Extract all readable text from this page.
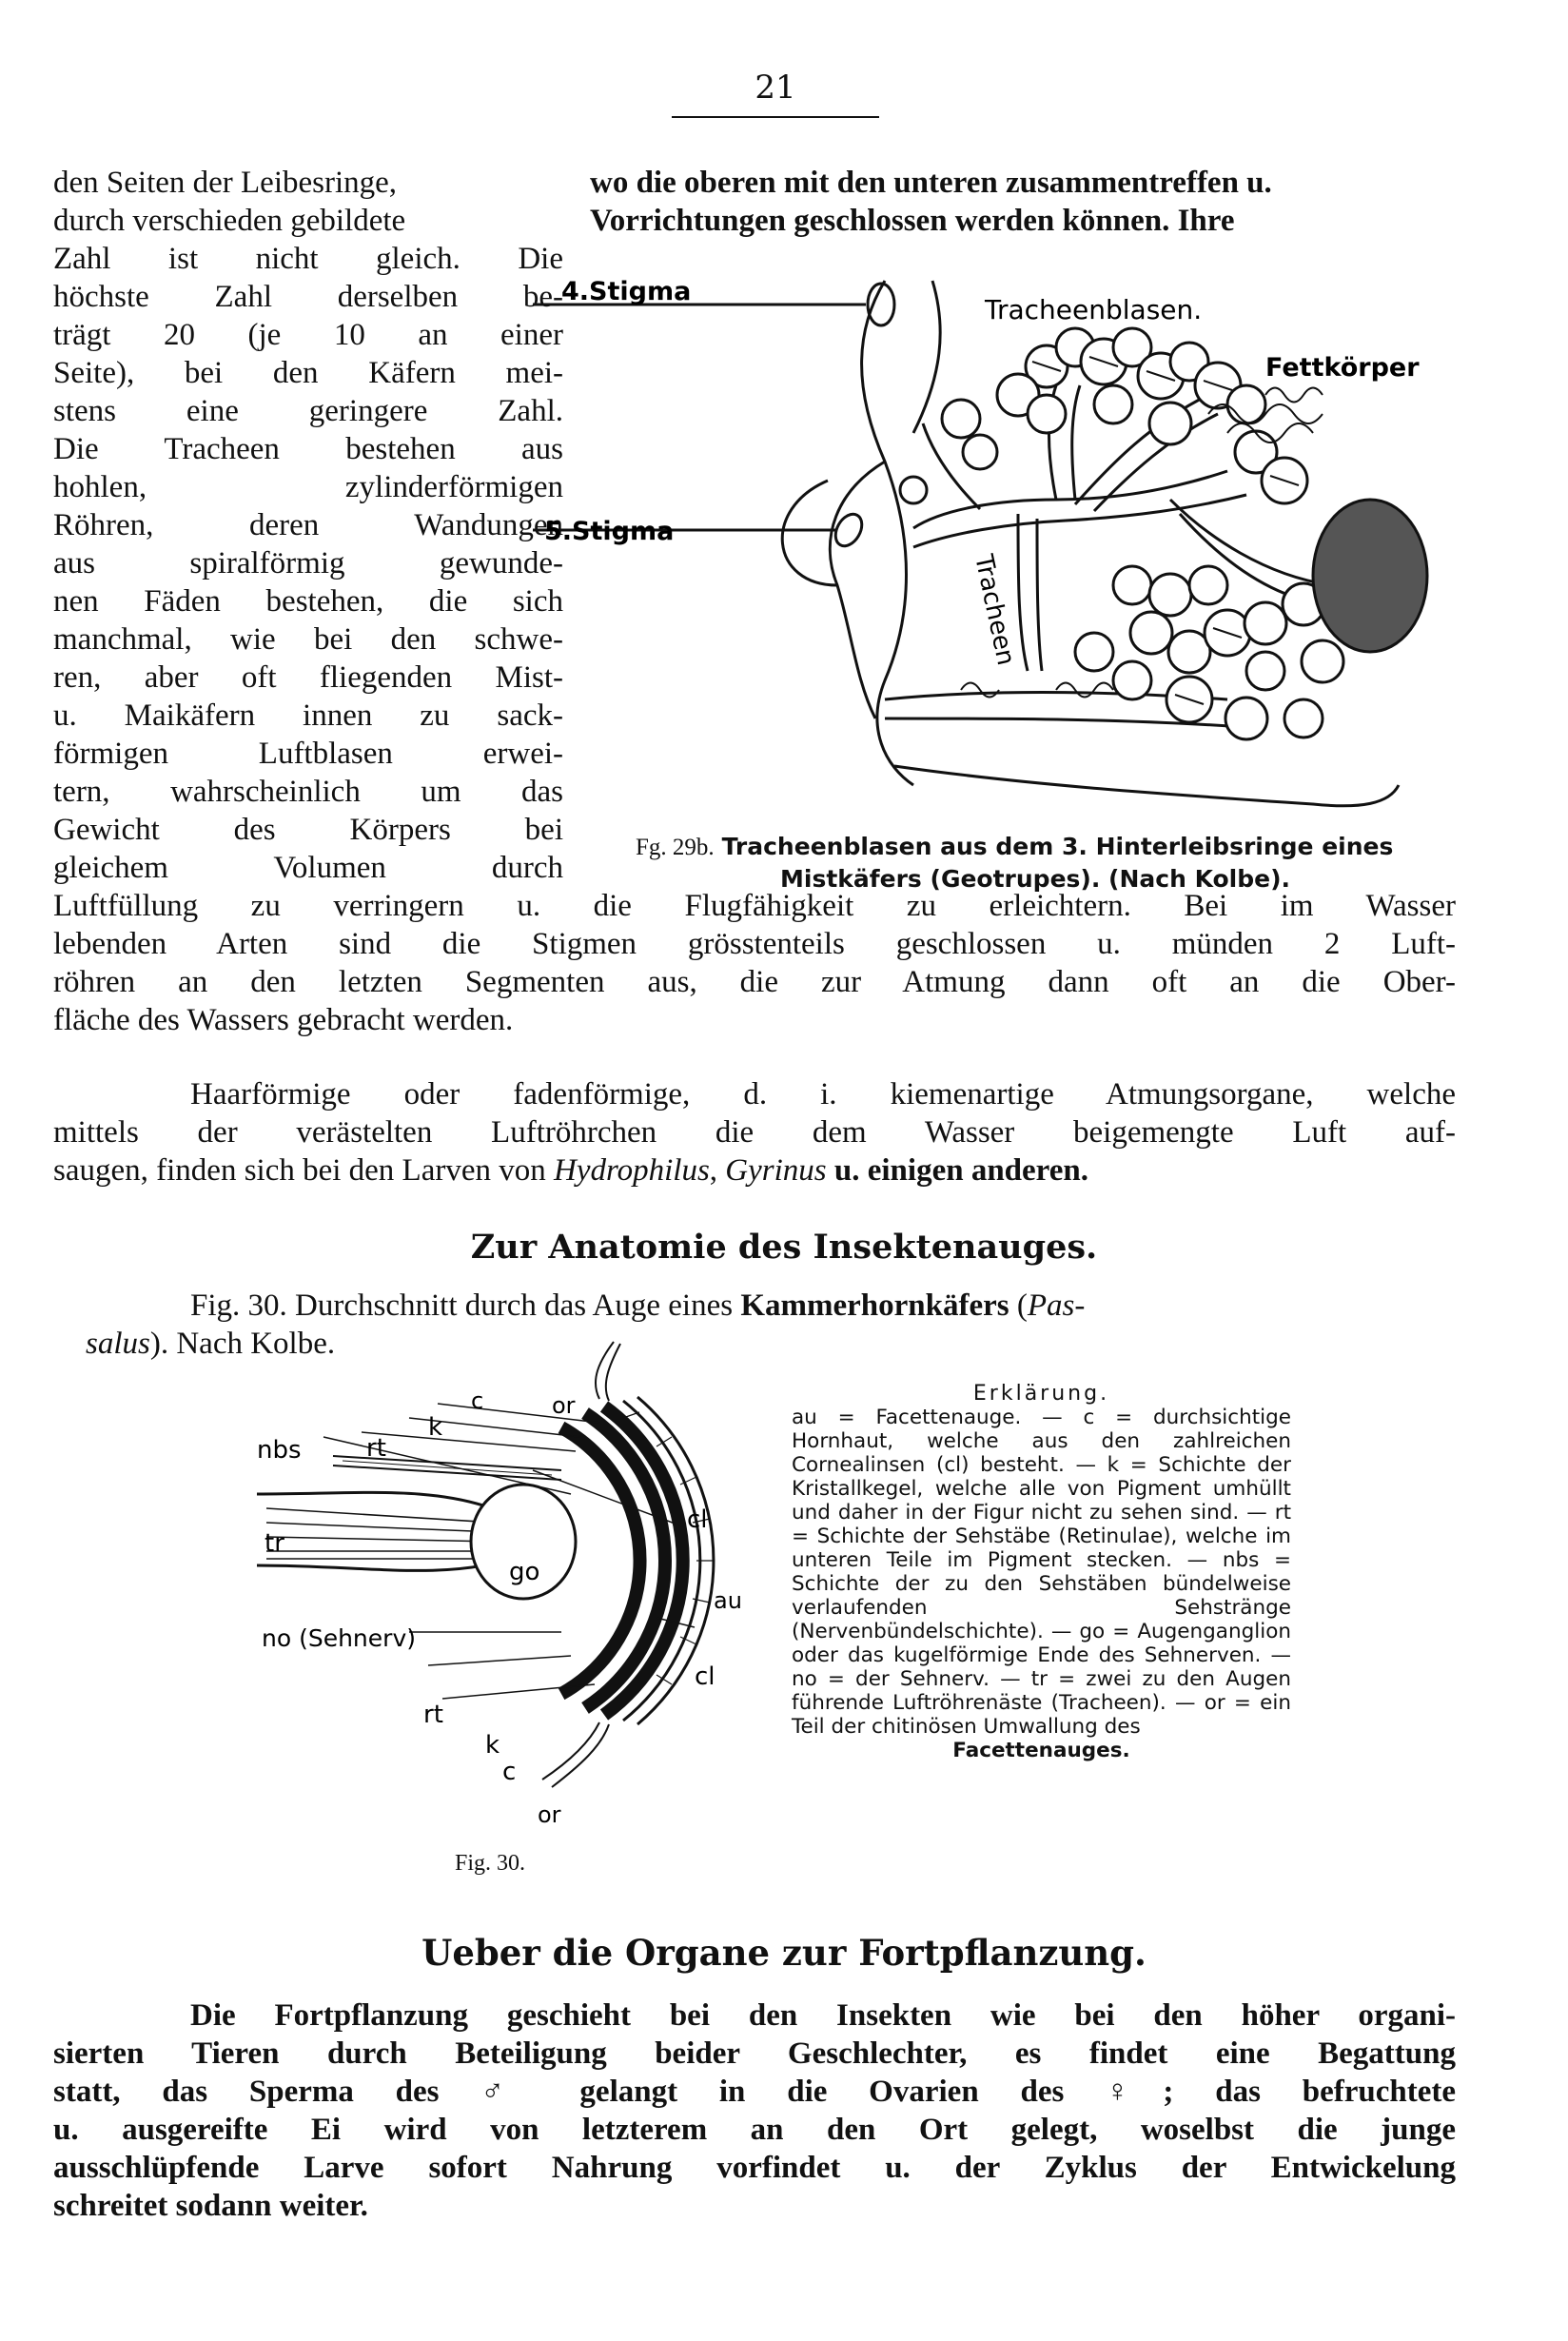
21
den Seiten der Leibesringe,	wo die oberen mit den unteren zusammentreffen u.
durch verschieden gebildete	Vorrichtungen geschlossen werden können. Ihre
Zahl ist nicht gleich. Die
höchste Zahl derselben be-
trägt 20 (je 10 an einer
Seite), bei den Käfern mei-
stens eine geringere Zahl.
Die Tracheen bestehen aus
hohlen, zylinderförmigen
Röhren, deren Wandungen
aus spiralförmig gewunde-
nen Fäden bestehen, die sich
manchmal, wie bei den schwe-
ren, aber oft fliegenden Mist-
u. Maikäfern innen zu sack-
förmigen Luftblasen erwei-
tern, wahrscheinlich um das
Gewicht des Körpers bei
gleichem Volumen durch
4.Stigma
5.Stigma
Tracheenblasen.
Fettkörper
Tracheen
Fg. 29b. Tracheenblasen aus dem 3. Hinterleibsringe eines
Mistkäfers (Geotrupes). (Nach Kolbe).
Luftfüllung zu verringern u. die Flugfähigkeit zu erleichtern. Bei im Wasser
lebenden Arten sind die Stigmen grösstenteils geschlossen u. münden 2 Luft-
röhren an den letzten Segmenten aus, die zur Atmung dann oft an die Ober-
fläche des Wassers gebracht werden.
Haarförmige oder fadenförmige, d. i. kiemenartige Atmungsorgane, welche
mittels der verästelten Luftröhrchen die dem Wasser beigemengte Luft auf-
saugen, finden sich bei den Larven von Hydrophilus, Gyrinus u. einigen anderen.
Zur Anatomie des Insektenauges.
Fig. 30. Durchschnitt durch das Auge eines Kammerhornkäfers (Pas-
salus). Nach Kolbe.
or
c
k
nbs	rt
cl
tr
au
go
no (Sehnerv)
cl
rt
k
c
or
Fig. 30.
Erklärung.
au = Facettenauge. — c = durchsichtige Hornhaut, welche aus den zahlreichen Cornealinsen (cl) besteht. — k = Schichte der Kristallkegel, welche alle von Pigment umhüllt und daher in der Figur nicht zu sehen sind. — rt = Schichte der Sehstäbe (Retinulae), welche im unteren Teile im Pigment stecken. — nbs = Schichte der zu den Sehstäben bündelweise verlaufenden Sehstränge (Nervenbündelschichte). — go = Augenganglion oder das kugelförmige Ende des Sehnerven. — no = der Sehnerv. — tr = zwei zu den Augen führende Luftröhrenäste (Tracheen). — or = ein Teil der chitinösen Umwallung des
Facettenauges.
Ueber die Organe zur Fortpflanzung.
Die Fortpflanzung geschieht bei den Insekten wie bei den höher organi-
sierten Tieren durch Beteiligung beider Geschlechter, es findet eine Begattung
statt, das Sperma des ♂ gelangt in die Ovarien des ♀; das befruchtete
u. ausgereifte Ei wird von letzterem an den Ort gelegt, woselbst die junge
ausschlüpfende Larve sofort Nahrung vorfindet u. der Zyklus der Entwickelung
schreitet sodann weiter.
